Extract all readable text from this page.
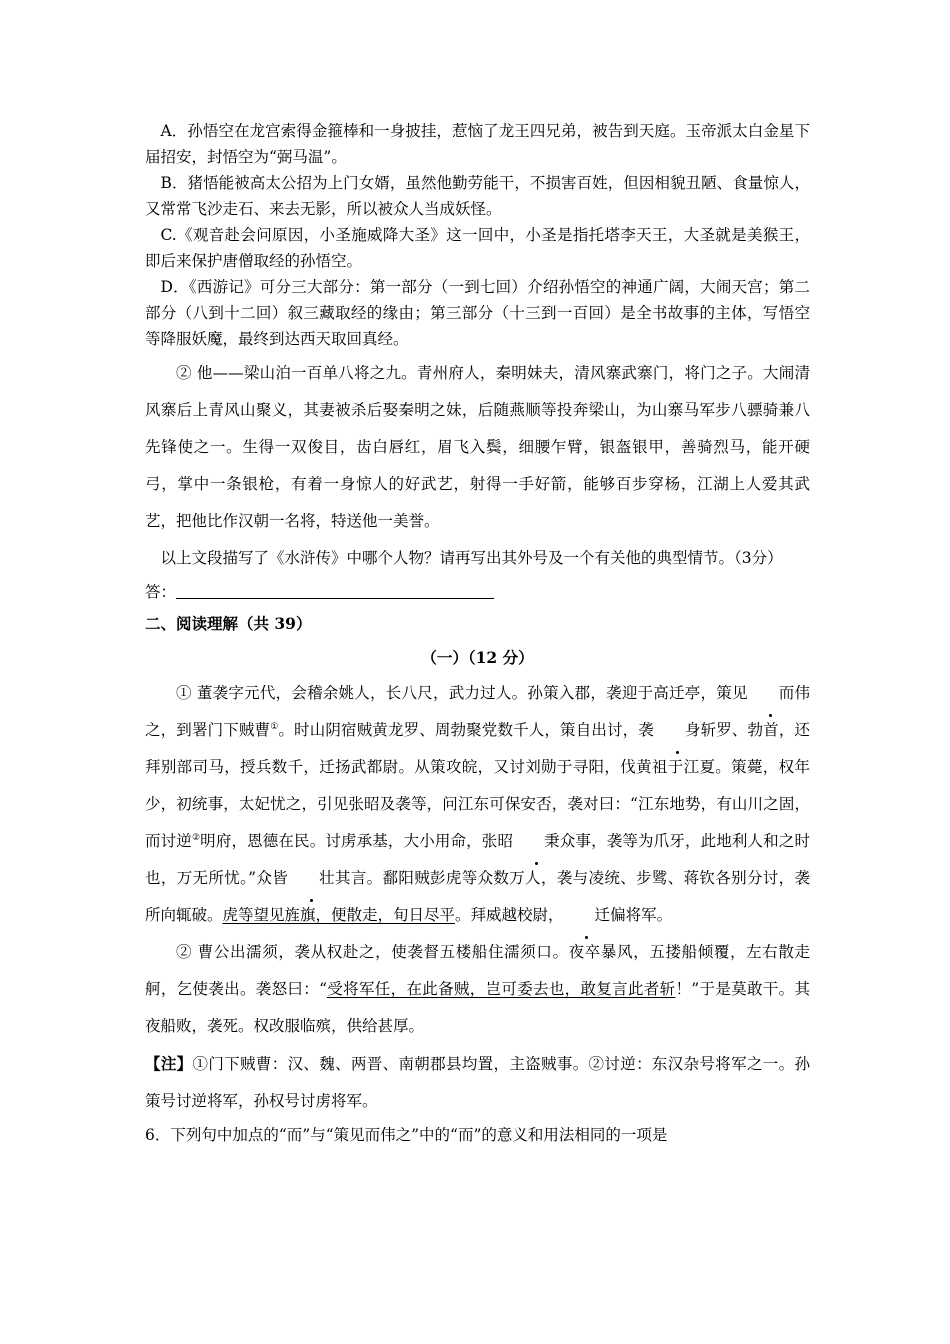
A．孙悟空在龙宫索得金箍棒和一身披挂，惹恼了龙王四兄弟，被告到天庭。玉帝派太白金星下届招安，封悟空为“弼马温”。

B．猪悟能被高太公招为上门女婿，虽然他勤劳能干，不损害百姓，但因相貌丑陋、食量惊人，又常常飞沙走石、来去无影，所以被众人当成妖怪。

C.《观音赴会问原因，小圣施威降大圣》这一回中，小圣是指托塔李天王，大圣就是美猴王，即后来保护唐僧取经的孙悟空。

D．《西游记》可分三大部分：第一部分（一到七回）介绍孙悟空的神通广阔，大闹天宫；第二部分（八到十二回）叙三藏取经的缘由；第三部分（十三到一百回）是全书故事的主体，写悟空等降服妖魔，最终到达西天取回真经。

② 他——梁山泊一百单八将之九。青州府人，秦明妹夫，清风寨武寨门，将门之子。大闹清风寨后上青风山聚义，其妻被杀后娶秦明之妹，后随燕顺等投奔梁山，为山寨马军步八骠骑兼八先锋使之一。生得一双俊目，齿白唇红，眉飞入鬓，细腰乍臂，银盔银甲，善骑烈马，能开硬弓，掌中一条银枪，有着一身惊人的好武艺，射得一手好箭，能够百步穿杨，江湖上人爱其武艺，把他比作汉朝一名将，特送他一美誉。

以上文段描写了《水浒传》中哪个人物？请再写出其外号及一个有关他的典型情节。（3分）

答：

二、阅读理解（共 39）

（一）（12 分）

① 董袭字元代，会稽余姚人，长八尺，武力过人。孙策入郡，袭迎于高迁亭，策见 而伟之，到署门下贼曹①。时山阴宿贼黄龙罗、周勃聚党数千人，策自出讨，袭 身斩罗、勃首，还拜别部司马，授兵数千，迁扬武都尉。从策攻皖，又讨刘勋于寻阳，伐黄祖于江夏。策薨，权年少，初统事，太妃忧之，引见张昭及袭等，问江东可保安否，袭对曰：“江东地势，有山川之固，而讨逆②明府，恩德在民。讨虏承基，大小用命，张昭 秉众事，袭等为爪牙，此地利人和之时也，万无所忧。”众皆 壮其言。鄱阳贼彭虎等众数万人，袭与凌统、步骘、蒋钦各别分讨，袭所向辄破。虎等望见旌旗，便散走，旬日尽平。拜威越校尉， 迁偏将军。

② 曹公出濡须，袭从权赴之，使袭督五楼船住濡须口。夜卒暴风，五搂船倾覆，左右散走舸，乞使袭出。袭怒曰：“受将军任，在此备贼，岂可委去也，敢复言此者斩！”于是莫敢干。其夜船败，袭死。权改服临殡，供给甚厚。

【注】①门下贼曹：汉、魏、两晋、南朝郡县均置，主盗贼事。②讨逆：东汉杂号将军之一。孙策号讨逆将军，孙权号讨虏将军。

6．下列句中加点的“而”与“策见而伟之”中的“而”的意义和用法相同的一项是
